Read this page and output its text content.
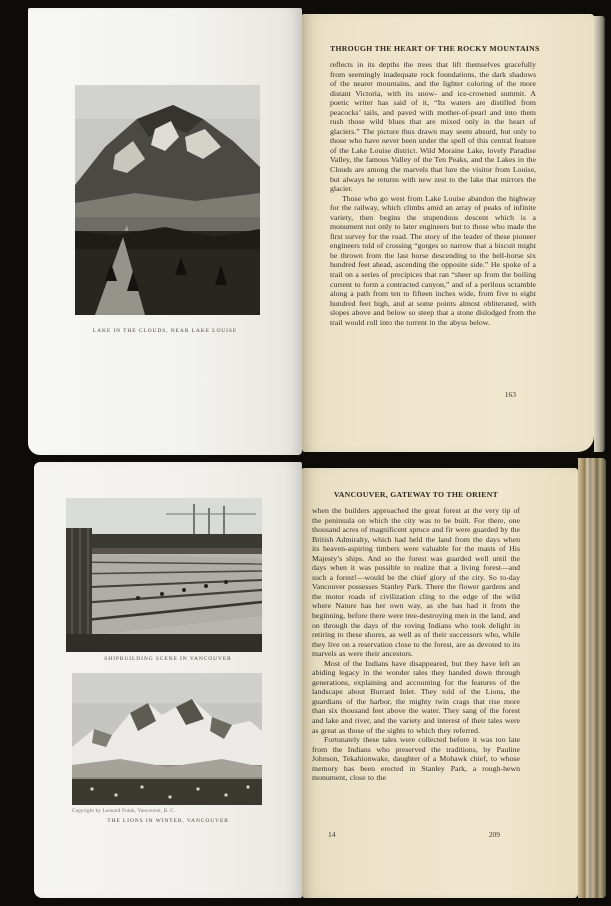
LAKE IN THE CLOUDS, NEAR LAKE LOUISE
THROUGH THE HEART OF THE ROCKY MOUNTAINS

reflects in its depths the trees that lift themselves gracefully from seemingly inadequate rock foundations, the dark shadows of the nearer mountains, and the lighter coloring of the more distant Victoria, with its snow- and ice-crowned summit. A poetic writer has said of it, “Its waters are distilled from peacocks’ tails, and paved with mother-of-pearl and into them rush those wild blues that are mixed only in the heart of glaciers.” The picture thus drawn may seem absurd, but only to those who have never been under the spell of this central feature of the Lake Louise district. Wild Moraine Lake, lovely Paradise Valley, the famous Valley of the Ten Peaks, and the Lakes in the Clouds are among the marvels that lure the visitor from Louise, but always he returns with new zest to the lake that mirrors the glacier.

Those who go west from Lake Louise abandon the highway for the railway, which climbs amid an array of peaks of infinite variety, then begins the stupendous descent which is a monument not only to later engineers but to those who made the first survey for the road. The story of the leader of these pioneer engineers told of crossing “gorges so narrow that a biscuit might be thrown from the last horse descending to the bell-horse six hundred feet ahead, ascending the opposite side.” He spoke of a trail on a series of precipices that ran “sheer up from the boiling current to form a contracted canyon,” and of a perilous scramble along a path from ten to fifteen inches wide, from five to eight hundred feet high, and at some points almost obliterated, with slopes above and below so steep that a stone dislodged from the trail would roll into the torrent in the abyss below.

163
SHIPBUILDING SCENE IN VANCOUVER
Copyright by Leonard Frank, Vancouver, B. C.
THE LIONS IN WINTER, VANCOUVER
VANCOUVER, GATEWAY TO THE ORIENT

when the builders approached the great forest at the very tip of the peninsula on which the city was to be built. For there, one thousand acres of magnificent spruce and fir were guarded by the British Admiralty, which had held the land from the days when its heaven-aspiring timbers were valuable for the masts of His Majesty’s ships. And so the forest was guarded well until the days when it was possible to realize that a living forest—and such a forest!—would be the chief glory of the city. So to-day Vancouver possesses Stanley Park. There the flower gardens and the motor roads of civilization cling to the edge of the wild where Nature has her own way, as she has had it from the beginning, before there were tree-destroying men in the land, and on through the days of the roving Indians who took delight in retiring to these shores, as well as of their successors who, while they live on a reservation close to the forest, are as devoted to its marvels as were their ancestors.

Most of the Indians have disappeared, but they have left an abiding legacy in the wonder tales they handed down through generations, explaining and accounting for the features of the landscape about Burrard Inlet. They told of the Lions, the guardians of the harbor, the mighty twin crags that rise more than six thousand feet above the water. They sang of the forest and lake and river, and the variety and interest of their tales were as great as those of the sights to which they referred.

Fortunately these tales were collected before it was too late from the Indians who preserved the traditions, by Pauline Johnson, Tekahionwake, daughter of a Mohawk chief, to whose memory has been erected in Stanley Park, a rough-hewn monument, close to the

14	209
